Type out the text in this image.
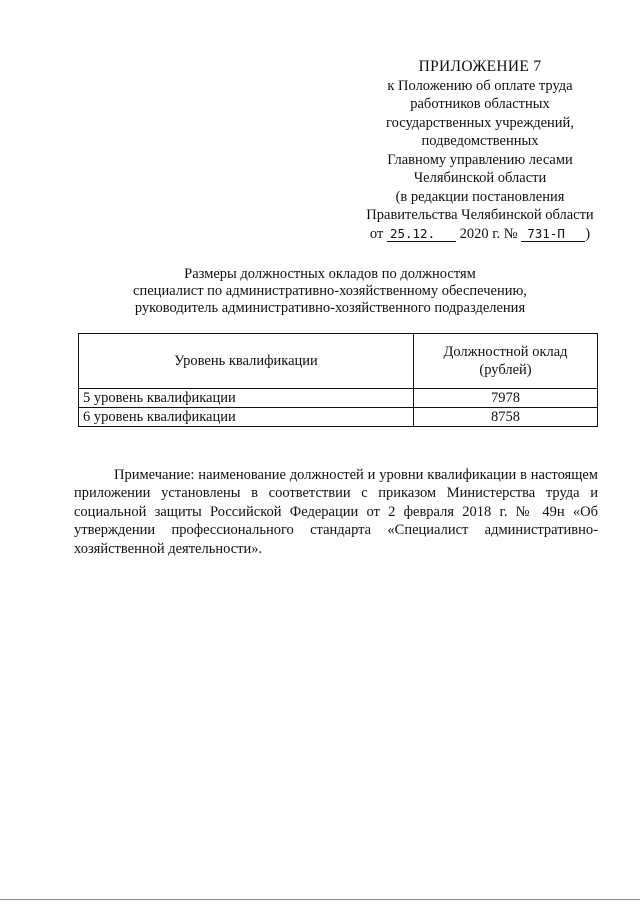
ПРИЛОЖЕНИЕ 7
к Положению об оплате труда
работников областных
государственных учреждений,
подведомственных
Главному управлению лесами
Челябинской области
(в редакции постановления
Правительства Челябинской области
от 25.12. 2020 г. № 731-П )
Размеры должностных окладов по должностям
специалист по административно-хозяйственному обеспечению,
руководитель административно-хозяйственного подразделения
Уровень квалификации	Должностной оклад
(рублей)

5 уровень квалификации	7978
6 уровень квалификации	8758

Примечание: наименование должностей и уровни квалификации в настоящем приложении установлены в соответствии с приказом Министерства труда и социальной защиты Российской Федерации от 2 февраля 2018 г. № 49н «Об утверждении профессионального стандарта «Специалист административно-хозяйственной деятельности».
